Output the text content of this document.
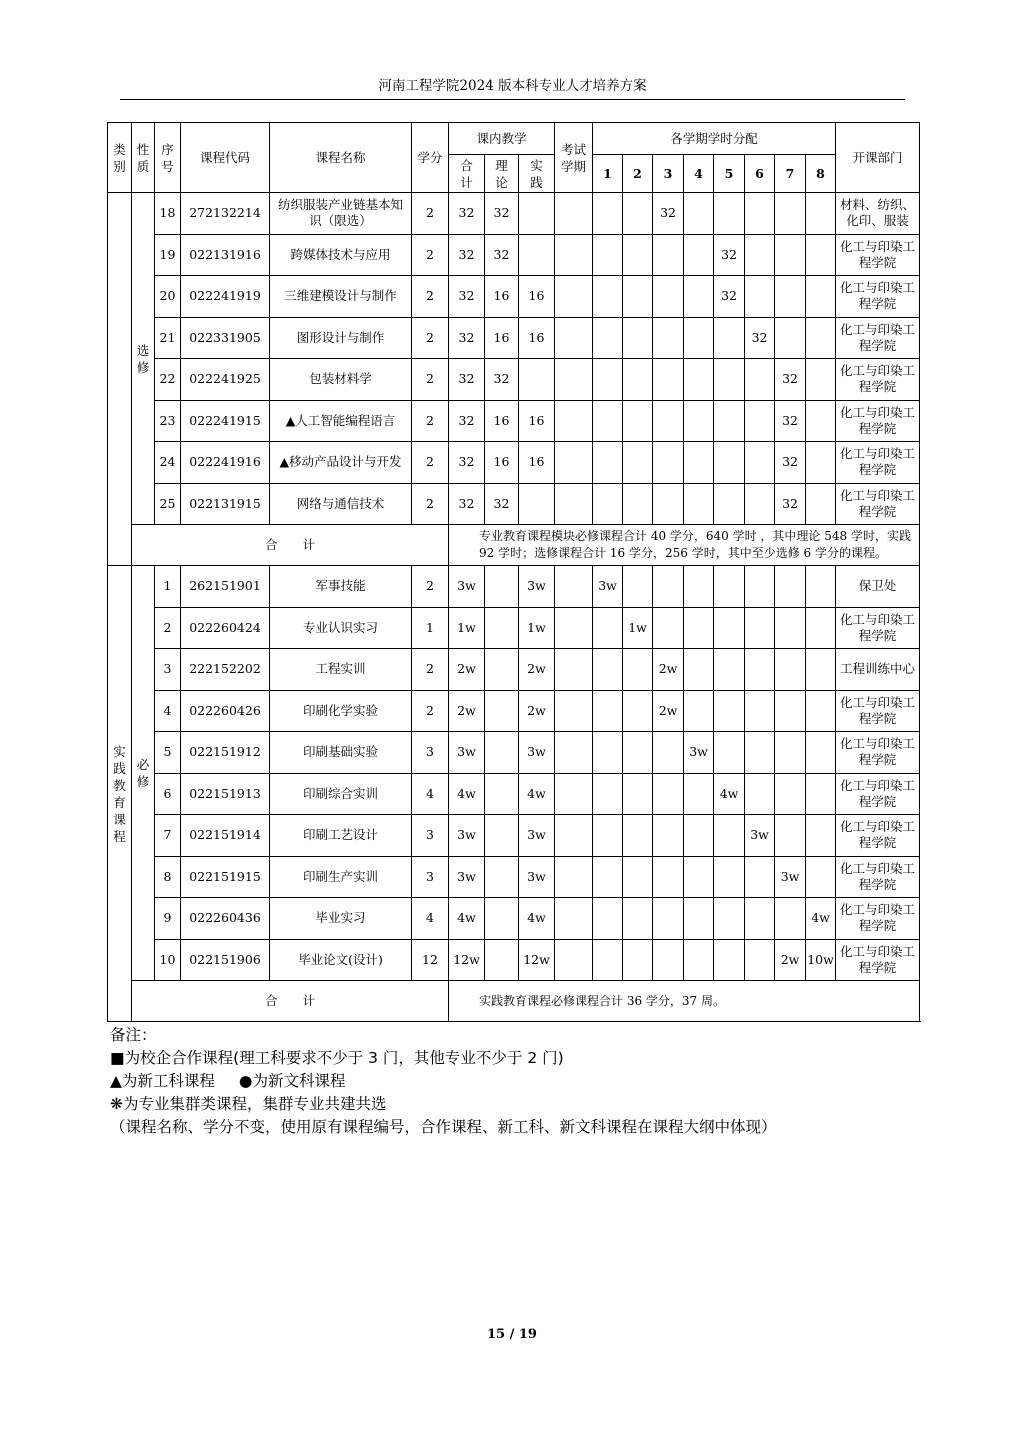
河南工程学院2024 版本科专业人才培养方案
类别	性质	序号	课程代码	课程名称	学分	课内教学			考试学期	各学期学时分配								开课部门

						合计	理论	实践		1	2	3	4	5	6	7	8	

	选修	18	272132214	纺织服装产业链基本知识（限选）	2	32	32					32						材料、纺织、化印、服装
		19	022131916	跨媒体技术与应用	2	32	32							32				化工与印染工程学院
		20	022241919	三维建模设计与制作	2	32	16	16						32				化工与印染工程学院
		21	022331905	图形设计与制作	2	32	16	16							32			化工与印染工程学院
		22	022241925	包装材料学	2	32	32									32		化工与印染工程学院
		23	022241915	▲人工智能编程语言	2	32	16	16								32		化工与印染工程学院
		24	022241916	▲移动产品设计与开发	2	32	16	16								32		化工与印染工程学院
		25	022131915	网络与通信技术	2	32	32									32		化工与印染工程学院
	合　　计					专业教育课程模块必修课程合计 40 学分，640 学时 ，其中理论 548 学时，实践 92 学时；选修课程合计 16 学分，256 学时，其中至少选修 6 学分的课程。												

实践教育课程	必修	1	262151901	军事技能	2	3w		3w		3w								保卫处
		2	022260424	专业认识实习	1	1w		1w			1w							化工与印染工程学院
		3	222152202	工程实训	2	2w		2w				2w						工程训练中心
		4	022260426	印刷化学实验	2	2w		2w				2w						化工与印染工程学院
		5	022151912	印刷基础实验	3	3w		3w					3w					化工与印染工程学院
		6	022151913	印刷综合实训	4	4w		4w						4w				化工与印染工程学院
		7	022151914	印刷工艺设计	3	3w		3w							3w			化工与印染工程学院
		8	022151915	印刷生产实训	3	3w		3w								3w		化工与印染工程学院
		9	022260436	毕业实习	4	4w		4w									4w	化工与印染工程学院
		10	022151906	毕业论文(设计)	12	12w		12w								2w	10w	化工与印染工程学院
	合　　计					实践教育课程必修课程合计 36 学分，37 周。												
备注：
■为校企合作课程(理工科要求不少于 3 门，其他专业不少于 2 门)
▲为新工科课程 ●为新文科课程
❋为专业集群类课程，集群专业共建共选
（课程名称、学分不变，使用原有课程编号，合作课程、新工科、新文科课程在课程大纲中体现）
15 / 19
